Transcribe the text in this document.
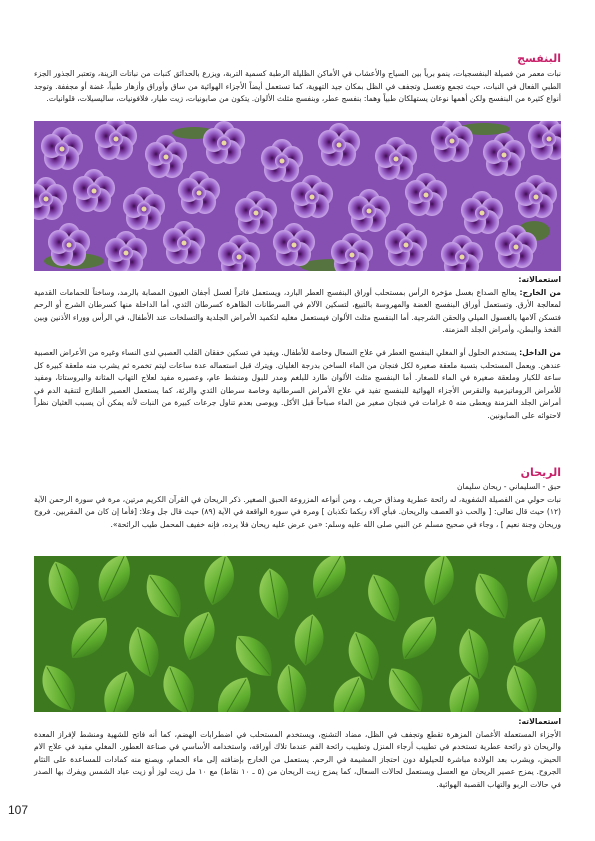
البنفسج

نبات معمر من فصيلة البنفسجيات، ينمو برياً بين السياج والأعشاب في الأماكن الظليلة الرطبة كسمية التربة، ويزرع بالحدائق كنبات من نباتات الزينة، وتعتبر الجذور الجزء الطبي الفعال في النبات، حيث تجمع وتغسل وتجفف في الظل بمكان جيد التهوية، كما تستعمل أيضاً الأجزاء الهوائية من ساق وأوراق وأزهار طبياً، غضة أو مجففة. وتوجد أنواع كثيرة من البنفسج ولكن أهمها نوعان يستهلكان طبياً وهما: بنفسج عطر، وبنفسج مثلث الألوان. يتكون من صابونيات، زيت طيار، فلافونيات، ساليسيلات، قلوانيات.

استعمالاته:

من الخارج: يعالج الصداع بغسل مؤخرة الرأس بمستحلب أوراق البنفسج العطر البارد، ويستعمل فاتراً لغسل أجفان العيون المصابة بالرمد، وساخناً للحمامات القدمية لمعالجة الأرق. وتستعمل أوراق البنفسج الغضة والمهروسة بالتبيغ، لتسكين الآلام في السرطانات الظاهرة كسرطان الثدي، أما الداخلة منها كسرطان الشرج أو الرحم فتسكن آلامها بالغسول الميلي والحقن الشرجية. أما البنفسج مثلث الألوان فيستعمل مغليه لتكميد الأمراض الجلدية والتسلخات عند الأطفال، في الرأس ووراء الأذنين وبين الفخذ والبطن، وأمراض الجلد المزمنة.

من الداخل: يستخدم الحلول أو المغلي البنفسج العطر في علاج السعال وخاصة للأطفال. ويفيد في تسكين خفقان القلب العصبي لدى النساء وغيره من الأعراض العصبية عندهن. ويعمل المستحلب بتسبة ملعقة صغيرة لكل فنجان من الماء الساخن بدرجة الغليان. ويترك قبل استعماله عدة ساعات ليتم تخمره ثم يشرب منه ملعقة كبيرة كل ساعة للكبار وملعقة صغيرة في الماء للصغار. أما البنفسج مثلث الألوان طارد للبلغم ومدر للبول ومنشط عام، وعصيره مفيد لعلاج التهاب المثانة والبروستاتا، ومفيد للأمراض الروماتيزمية والنقرس الأجزاء الهوائية للبنفسج تفيد في علاج الأمراض السرطانية وخاصة سرطان الثدي والرئة، كما يستعمل العصير الطازج لتنقية الدم في أمراض الجلد المزمنة ويعطى منه ٥ غرامات في فنجان صغير من الماء صباحاً قبل الأكل. ويوصى بعدم تناول جرعات كبيرة من النبات لأنه يمكن أن يسبب الغثيان نظراً لاحتوائه على الصابونين.

الريحان

حبق - السليماني - ريحان سليمان

نبات حولي من الفصيلة الشفوية، له رائحة عطرية ومذاق حريف ، ومن أنواعه المزروعة الحبق الصغير. ذكر الريحان في القرآن الكريم مرتين، مرة في سورة الرحمن الآية (١٢) حيث قال تعالى: [ والحب ذو العصف والريحان. فبأي آلاء ربكما تكذبان ] ومرة في سورة الواقعة في الآية (٨٩) حيث قال جل وعلا: [فأما إن كان من المقربين. فروح وريحان وجنة نعيم ] ، وجاء في صحيح مسلم عن النبي صلى الله عليه وسلم: «من عرض عليه ريحان فلا يرده، فإنه خفيف المحمل طيب الرائحة».

استعمالاته:

الأجزاء المستعملة الأغصان المزهرة تقطع وتجفف في الظل، مضاد التشنج، ويستخدم المستحلب في اضطرابات الهضم، كما أنه فاتح للشهية ومنشط لإفراز المعدة والريحان ذو رائحة عطرية تستخدم في تطييب أرجاء المنزل وتطييب رائحة الفم عندما تلاك أوراقه، واستخدامه الأساسي في صناعة العطور. المغلي مفيد في علاج الام الحيض، ويشرب بعد الولادة مباشرة للحيلولة دون احتجاز المشيمة في الرحم. يستعمل من الخارج بإضافته إلى ماء الحمام، ويصنع منه كمادات للمساعدة على التئام الجروح. يمزج عصير الريحان مع العسل ويستعمل لحالات السعال، كما يمزج زيت الريحان من (٥ ـ ١٠ نقاط) مع ١٠ مل زيت لوز أو زيت عباد الشمس ويفرك بها الصدر في حالات الربو والتهاب القصبة الهوائية.

107
